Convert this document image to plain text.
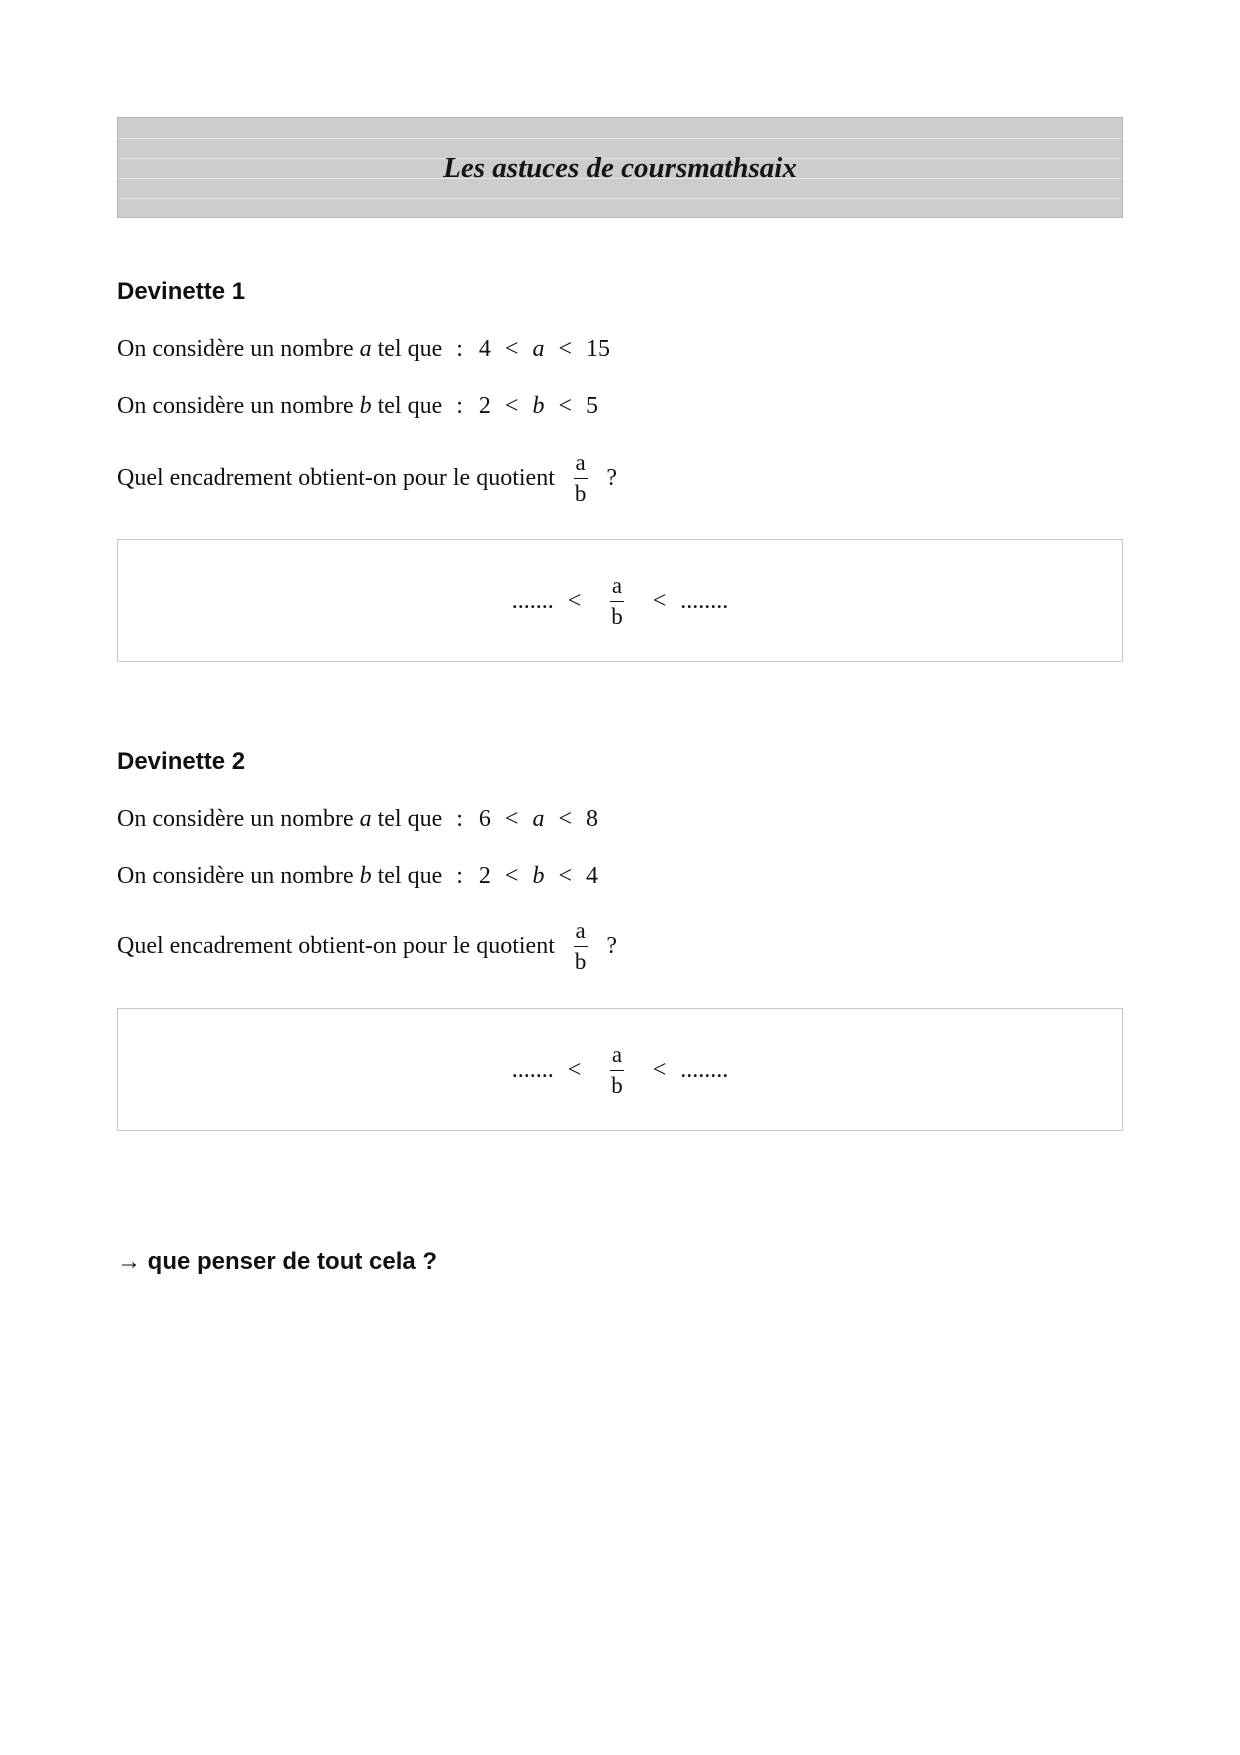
Les astuces de coursmathsaix
Devinette 1
On considère un nombre a tel que : 4 < a < 15
On considère un nombre b tel que : 2 < b < 5
Quel encadrement obtient-on pour le quotient $\frac{a}{b}$ ?
....... < $\frac{a}{b}$ < ........
Devinette 2
On considère un nombre a tel que : 6 < a < 8
On considère un nombre b tel que : 2 < b < 4
Quel encadrement obtient-on pour le quotient $\frac{a}{b}$ ?
....... < $\frac{a}{b}$ < ........
→ que penser de tout cela ?
